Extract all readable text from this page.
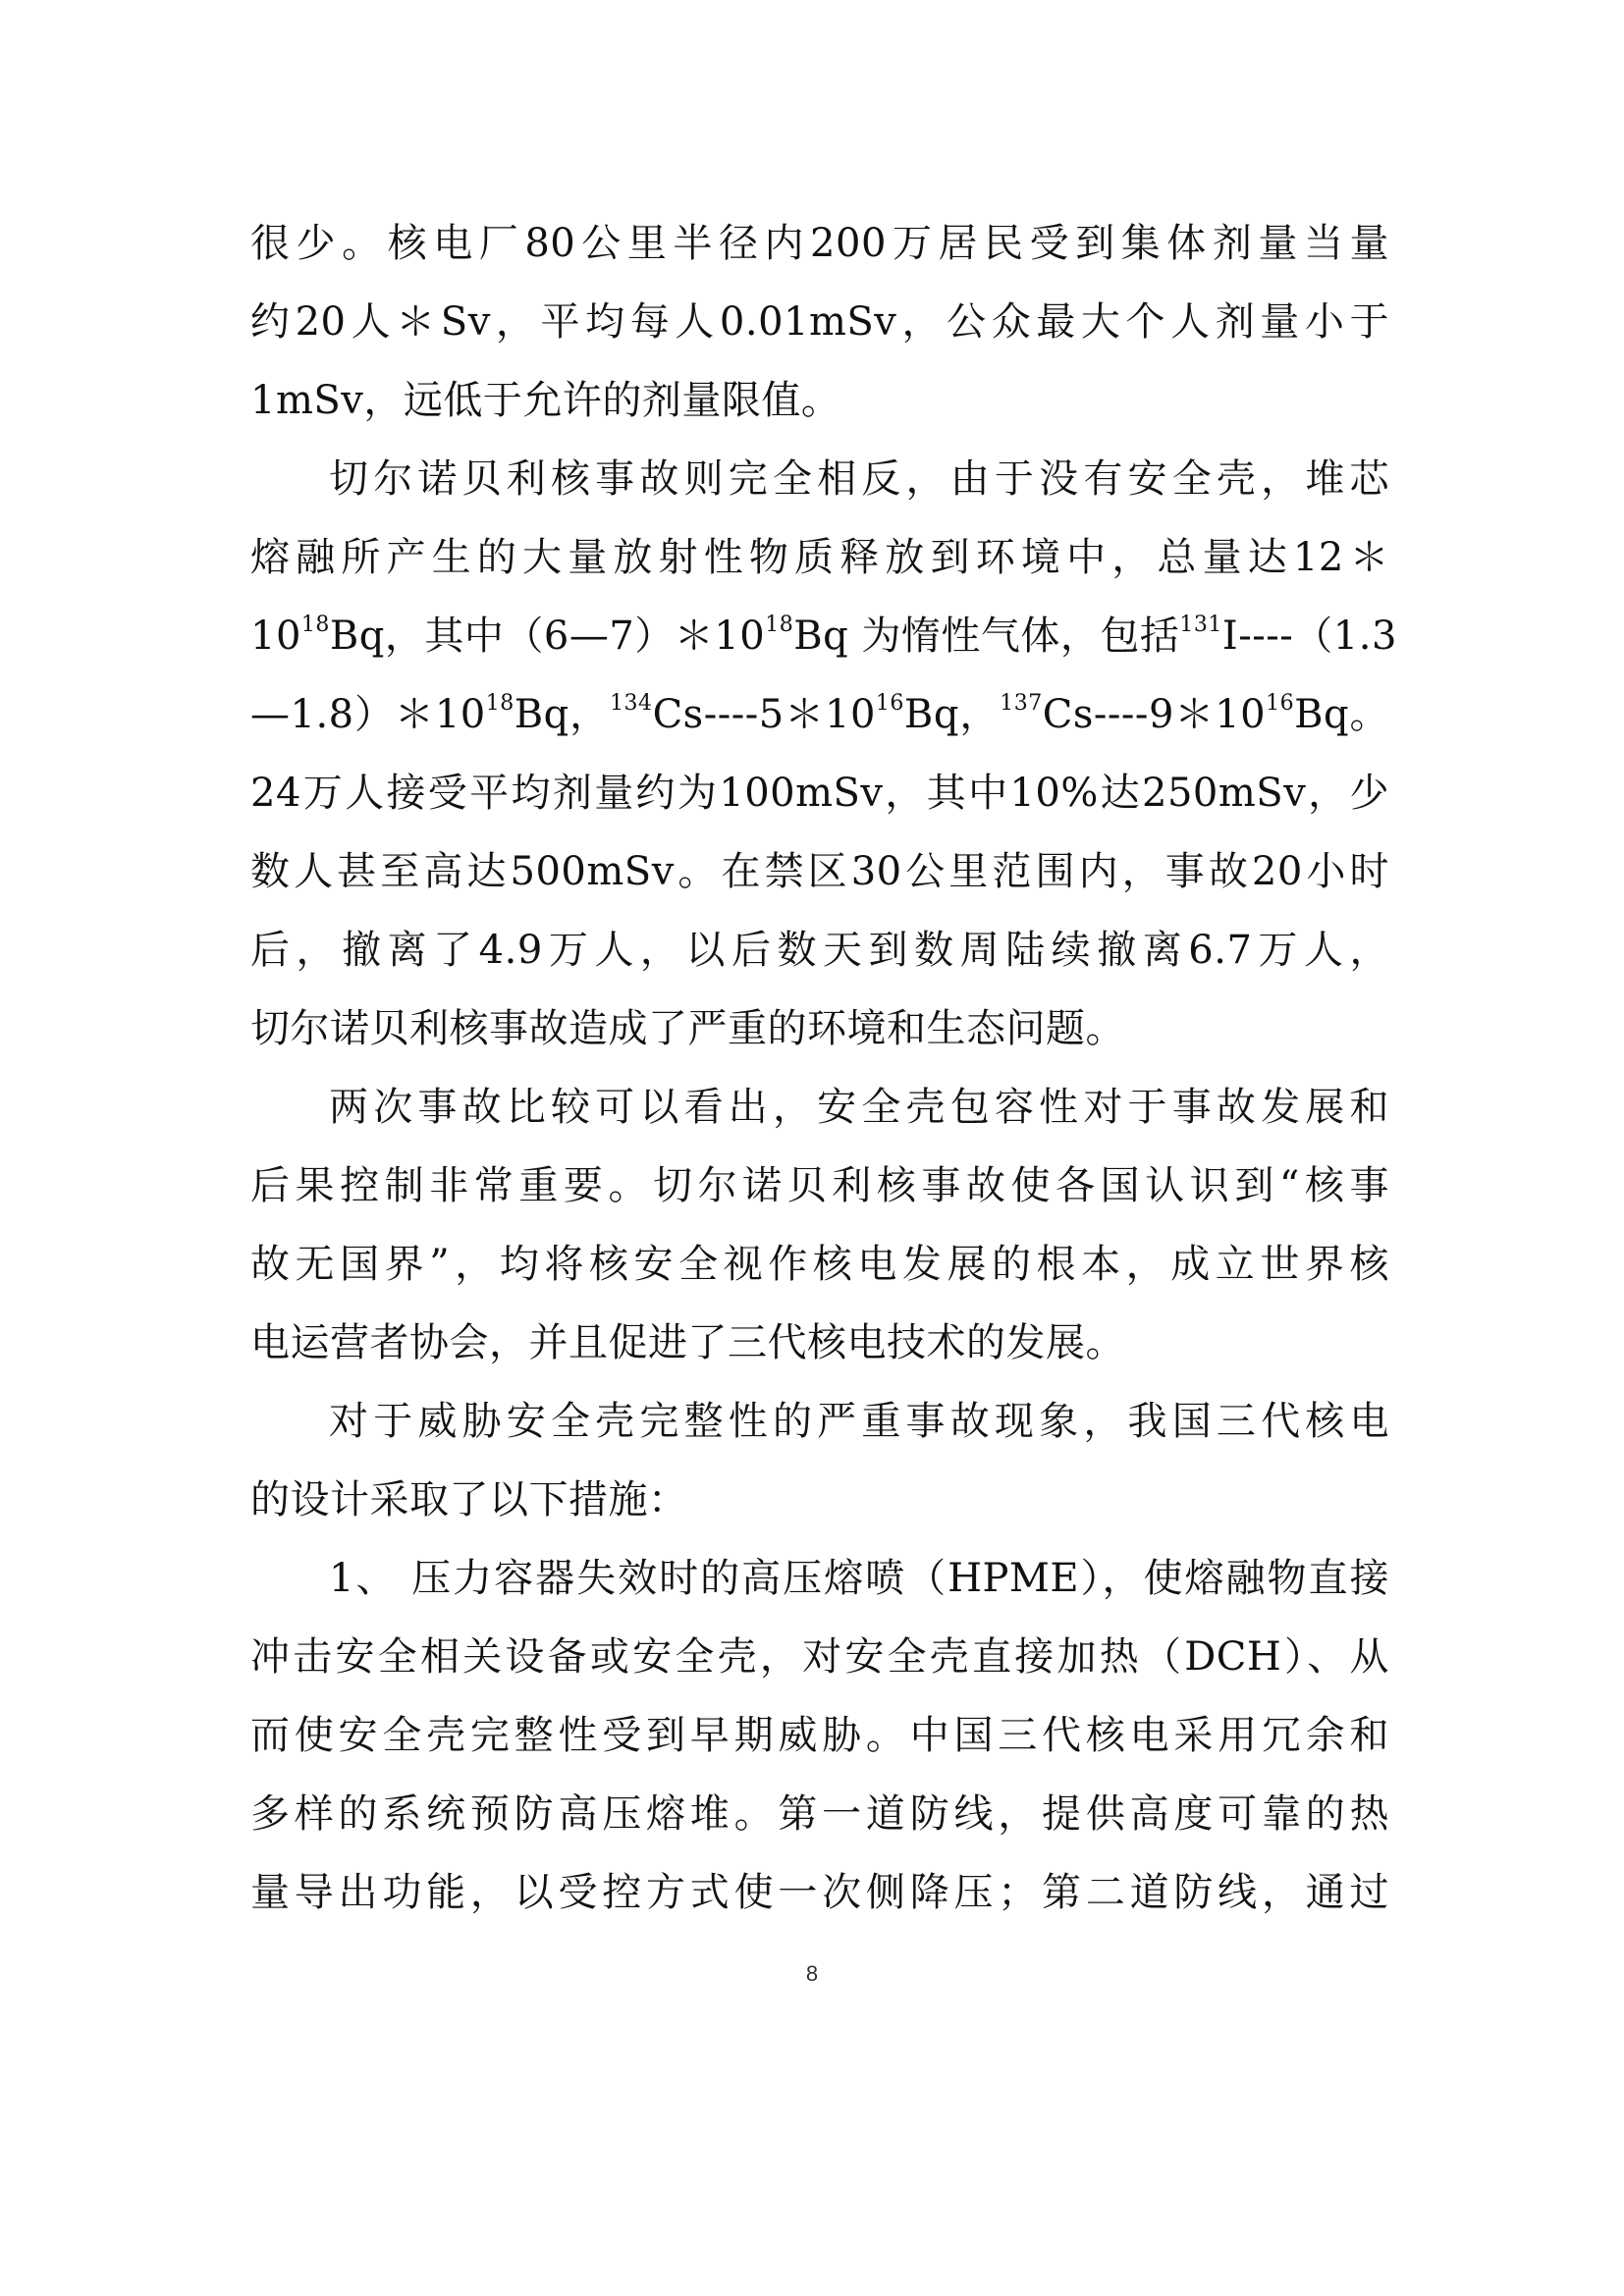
很少。核电厂80公里半径内200万居民受到集体剂量当量
约20人＊Sv，平均每人0.01mSv，公众最大个人剂量小于
1mSv，远低于允许的剂量限值。
切尔诺贝利核事故则完全相反，由于没有安全壳，堆芯
熔融所产生的大量放射性物质释放到环境中，总量达12＊
$10^{18}Bq$，其中$(6—7)*10^{18}Bq$ 为惰性气体，包括$^{131}$I----（1.3
$—1.8)*10^{18}Bq$，$^{134}Cs----5*10^{16}Bq$，$^{137}Cs----9*10^{16}Bq$。
24万人接受平均剂量约为100mSv，其中10%达250mSv，少
数人甚至高达500mSv。在禁区30公里范围内，事故20小时
后，撤离了4.9万人，以后数天到数周陆续撤离6.7万人，
切尔诺贝利核事故造成了严重的环境和生态问题。
两次事故比较可以看出，安全壳包容性对于事故发展和
后果控制非常重要。切尔诺贝利核事故使各国认识到“核事
故无国界”，均将核安全视作核电发展的根本，成立世界核
电运营者协会，并且促进了三代核电技术的发展。
对于威胁安全壳完整性的严重事故现象，我国三代核电
的设计采取了以下措施：
1、 压力容器失效时的高压熔喷（HPME），使熔融物直接
冲击安全相关设备或安全壳，对安全壳直接加热（DCH）、从
而使安全壳完整性受到早期威胁。中国三代核电采用冗余和
多样的系统预防高压熔堆。第一道防线，提供高度可靠的热
量导出功能，以受控方式使一次侧降压；第二道防线，通过
8
